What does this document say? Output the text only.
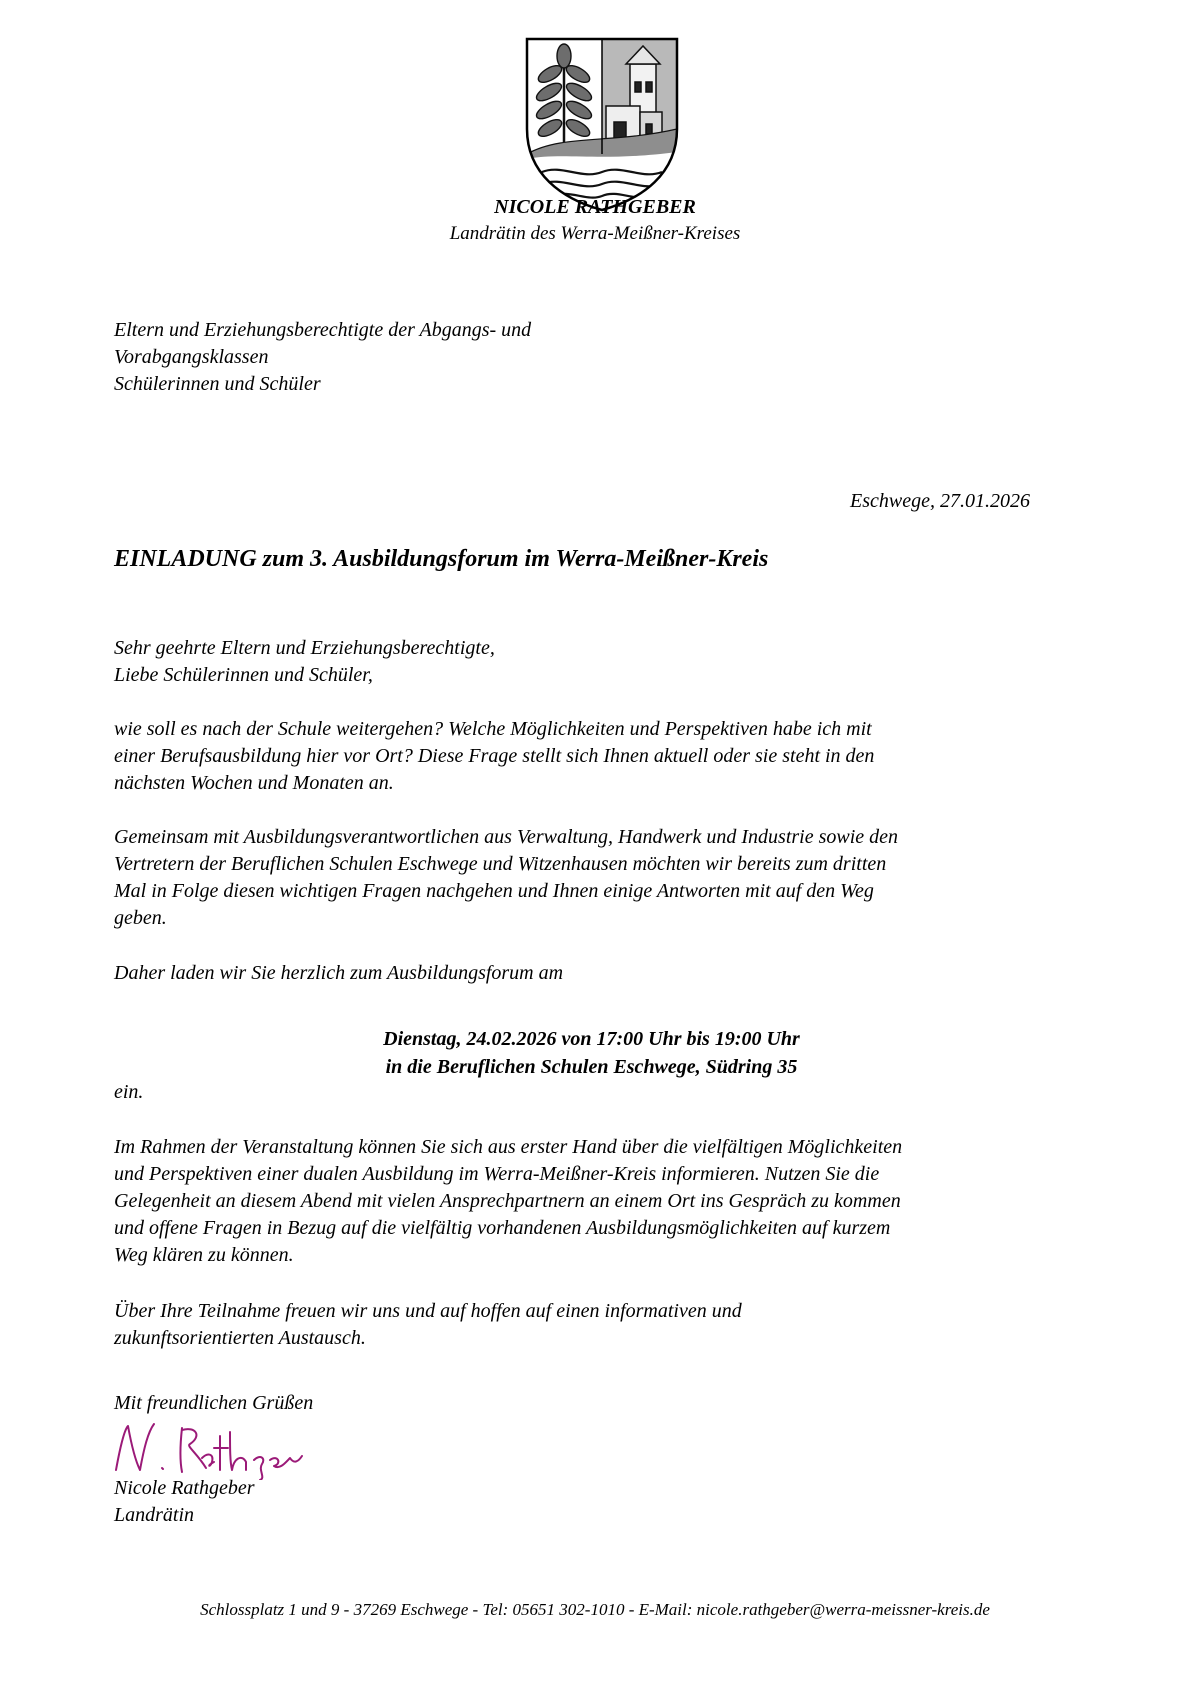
NICOLE RATHGEBER
Landrätin des Werra-Meißner-Kreises
Eltern und Erziehungsberechtigte der Abgangs- und
Vorabgangsklassen
Schülerinnen und Schüler
Eschwege, 27.01.2026
EINLADUNG zum 3. Ausbildungsforum im Werra-Meißner-Kreis
Sehr geehrte Eltern und Erziehungsberechtigte,
Liebe Schülerinnen und Schüler,
wie soll es nach der Schule weitergehen? Welche Möglichkeiten und Perspektiven habe ich mit
einer Berufsausbildung hier vor Ort? Diese Frage stellt sich Ihnen aktuell oder sie steht in den
nächsten Wochen und Monaten an.
Gemeinsam mit Ausbildungsverantwortlichen aus Verwaltung, Handwerk und Industrie sowie den
Vertretern der Beruflichen Schulen Eschwege und Witzenhausen möchten wir bereits zum dritten
Mal in Folge diesen wichtigen Fragen nachgehen und Ihnen einige Antworten mit auf den Weg
geben.
Daher laden wir Sie herzlich zum Ausbildungsforum am
Dienstag, 24.02.2026 von 17:00 Uhr bis 19:00 Uhr
in die Beruflichen Schulen Eschwege, Südring 35
ein.
Im Rahmen der Veranstaltung können Sie sich aus erster Hand über die vielfältigen Möglichkeiten
und Perspektiven einer dualen Ausbildung im Werra-Meißner-Kreis informieren. Nutzen Sie die
Gelegenheit an diesem Abend mit vielen Ansprechpartnern an einem Ort ins Gespräch zu kommen
und offene Fragen in Bezug auf die vielfältig vorhandenen Ausbildungsmöglichkeiten auf kurzem
Weg klären zu können.
Über Ihre Teilnahme freuen wir uns und auf hoffen auf einen informativen und
zukunftsorientierten Austausch.
Mit freundlichen Grüßen
Nicole Rathgeber
Landrätin
Schlossplatz 1 und 9 - 37269 Eschwege - Tel: 05651 302-1010 - E-Mail: nicole.rathgeber@werra-meissner-kreis.de
